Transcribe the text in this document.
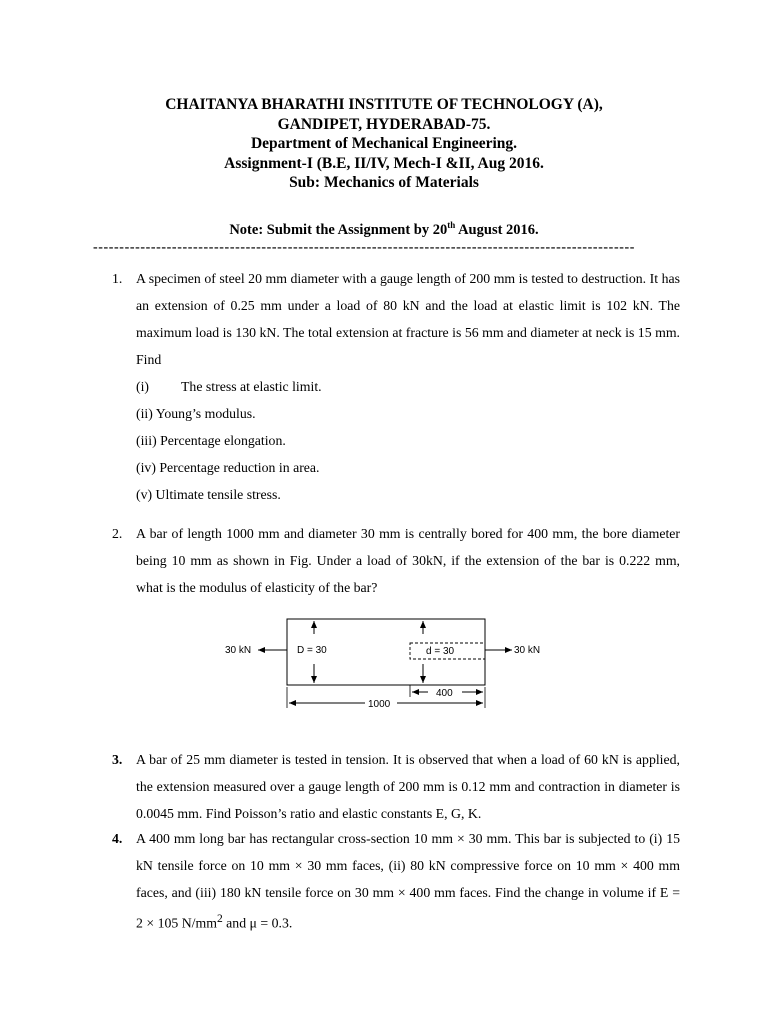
CHAITANYA BHARATHI INSTITUTE OF TECHNOLOGY (A),
GANDIPET, HYDERABAD-75.
Department of Mechanical Engineering.
Assignment-I (B.E, II/IV, Mech-I &II, Aug 2016.
Sub: Mechanics of Materials
Note: Submit the Assignment by 20th August 2016.
-------------------------------------------------------------------------------------------------------
1. A specimen of steel 20 mm diameter with a gauge length of 200 mm is tested to destruction. It has an extension of 0.25 mm under a load of 80 kN and the load at elastic limit is 102 kN. The maximum load is 130 kN. The total extension at fracture is 56 mm and diameter at neck is 15 mm. Find
(i) The stress at elastic limit.
(ii) Young’s modulus.
(iii) Percentage elongation.
(iv) Percentage reduction in area.
(v) Ultimate tensile stress.
2. A bar of length 1000 mm and diameter 30 mm is centrally bored for 400 mm, the bore diameter being 10 mm as shown in Fig. Under a load of 30kN, if the extension of the bar is 0.222 mm, what is the modulus of elasticity of the bar?
30 kN	30 kN
D = 30	d = 30
400
1000
3. A bar of 25 mm diameter is tested in tension. It is observed that when a load of 60 kN is applied, the extension measured over a gauge length of 200 mm is 0.12 mm and contraction in diameter is 0.0045 mm. Find Poisson’s ratio and elastic constants E, G, K.
4. A 400 mm long bar has rectangular cross-section 10 mm × 30 mm. This bar is subjected to (i) 15 kN tensile force on 10 mm × 30 mm faces, (ii) 80 kN compressive force on 10 mm × 400 mm faces, and (iii) 180 kN tensile force on 30 mm × 400 mm faces. Find the change in volume if E = 2 × 105 $N/mm^2$ and μ = 0.3.
